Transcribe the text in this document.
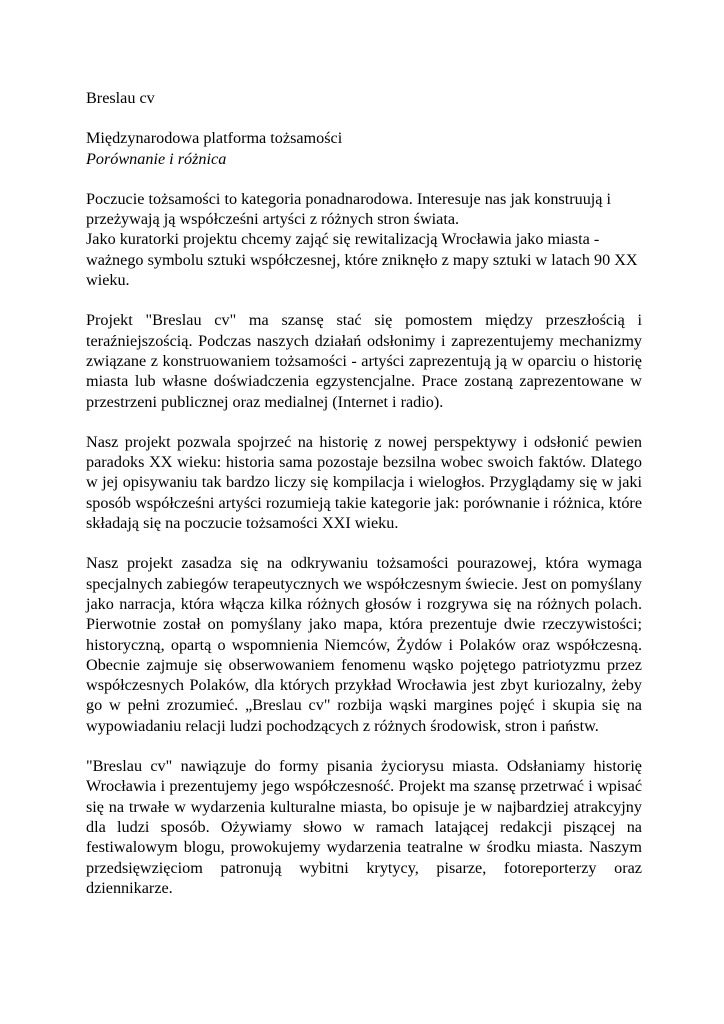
Breslau cv
Międzynarodowa platforma tożsamości
Porównanie i różnica
Poczucie tożsamości to kategoria ponadnarodowa. Interesuje nas jak konstruują i przeżywają ją współcześni artyści z różnych stron świata.
Jako kuratorki projektu chcemy zająć się rewitalizacją Wrocławia jako miasta - ważnego symbolu sztuki współczesnej, które zniknęło z mapy sztuki w latach 90 XX wieku.
Projekt "Breslau cv" ma szansę stać się pomostem między przeszłością i teraźniejszością. Podczas naszych działań odsłonimy i zaprezentujemy mechanizmy związane z konstruowaniem tożsamości - artyści zaprezentują ją w oparciu o historię miasta lub własne doświadczenia egzystencjalne. Prace zostaną zaprezentowane w przestrzeni publicznej oraz medialnej (Internet i radio).
Nasz projekt pozwala spojrzeć na historię z nowej perspektywy i odsłonić pewien paradoks XX wieku: historia sama pozostaje bezsilna wobec swoich faktów. Dlatego w jej opisywaniu tak bardzo liczy się kompilacja i wielogłos. Przyglądamy się w jaki sposób współcześni artyści rozumieją takie kategorie jak: porównanie i różnica, które składają się na poczucie tożsamości XXI wieku.
Nasz projekt zasadza się na odkrywaniu tożsamości pourazowej, która wymaga specjalnych zabiegów terapeutycznych we współczesnym świecie. Jest on pomyślany jako narracja, która włącza kilka różnych głosów i rozgrywa się na różnych polach. Pierwotnie został on pomyślany jako mapa, która prezentuje dwie rzeczywistości; historyczną, opartą o wspomnienia Niemców, Żydów i Polaków oraz współczesną. Obecnie zajmuje się obserwowaniem fenomenu wąsko pojętego patriotyzmu przez współczesnych Polaków, dla których przykład Wrocławia jest zbyt kuriozalny, żeby go w pełni zrozumieć. „Breslau cv" rozbija wąski margines pojęć i skupia się na wypowiadaniu relacji ludzi pochodzących z różnych środowisk, stron i państw.
"Breslau cv" nawiązuje do formy pisania życiorysu miasta. Odsłaniamy historię Wrocławia i prezentujemy jego współczesność. Projekt ma szansę przetrwać i wpisać się na trwałe w wydarzenia kulturalne miasta, bo opisuje je w najbardziej atrakcyjny dla ludzi sposób. Ożywiamy słowo w ramach latającej redakcji piszącej na festiwalowym blogu, prowokujemy wydarzenia teatralne w środku miasta. Naszym przedsięwzięciom patronują wybitni krytycy, pisarze, fotoreporterzy oraz dziennikarze.
